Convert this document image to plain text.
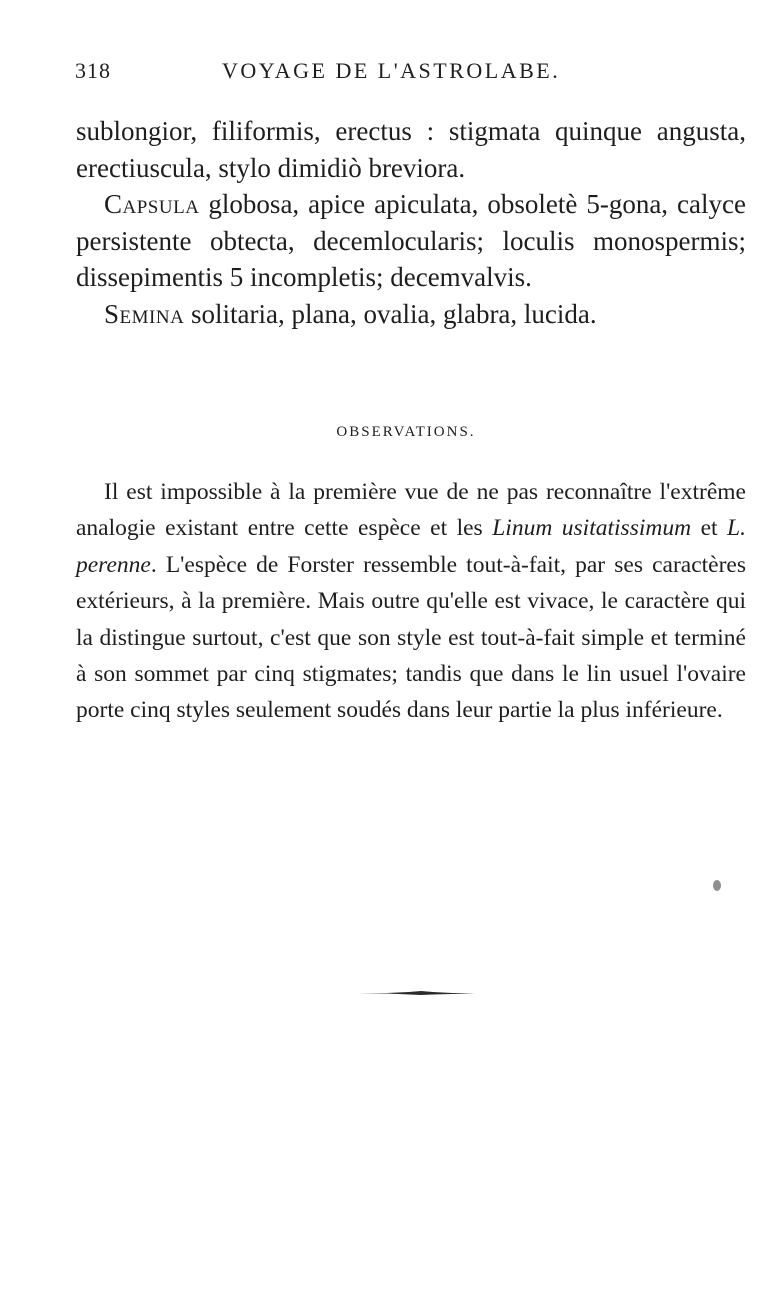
318	VOYAGE DE L'ASTROLABE.

sublongior, filiformis, erectus : stigmata quinque angusta, erectiuscula, stylo dimidiò breviora.

Capsula globosa, apice apiculata, obsoletè 5-gona, calyce persistente obtecta, decemlocularis; loculis monospermis; dissepimentis 5 incompletis; decemvalvis.

Semina solitaria, plana, ovalia, glabra, lucida.

OBSERVATIONS.

Il est impossible à la première vue de ne pas reconnaître l'extrême analogie existant entre cette espèce et les Linum usitatissimum et L. perenne. L'espèce de Forster ressemble tout-à-fait, par ses caractères extérieurs, à la première. Mais outre qu'elle est vivace, le caractère qui la distingue surtout, c'est que son style est tout-à-fait simple et terminé à son sommet par cinq stigmates; tandis que dans le lin usuel l'ovaire porte cinq styles seulement soudés dans leur partie la plus inférieure.
